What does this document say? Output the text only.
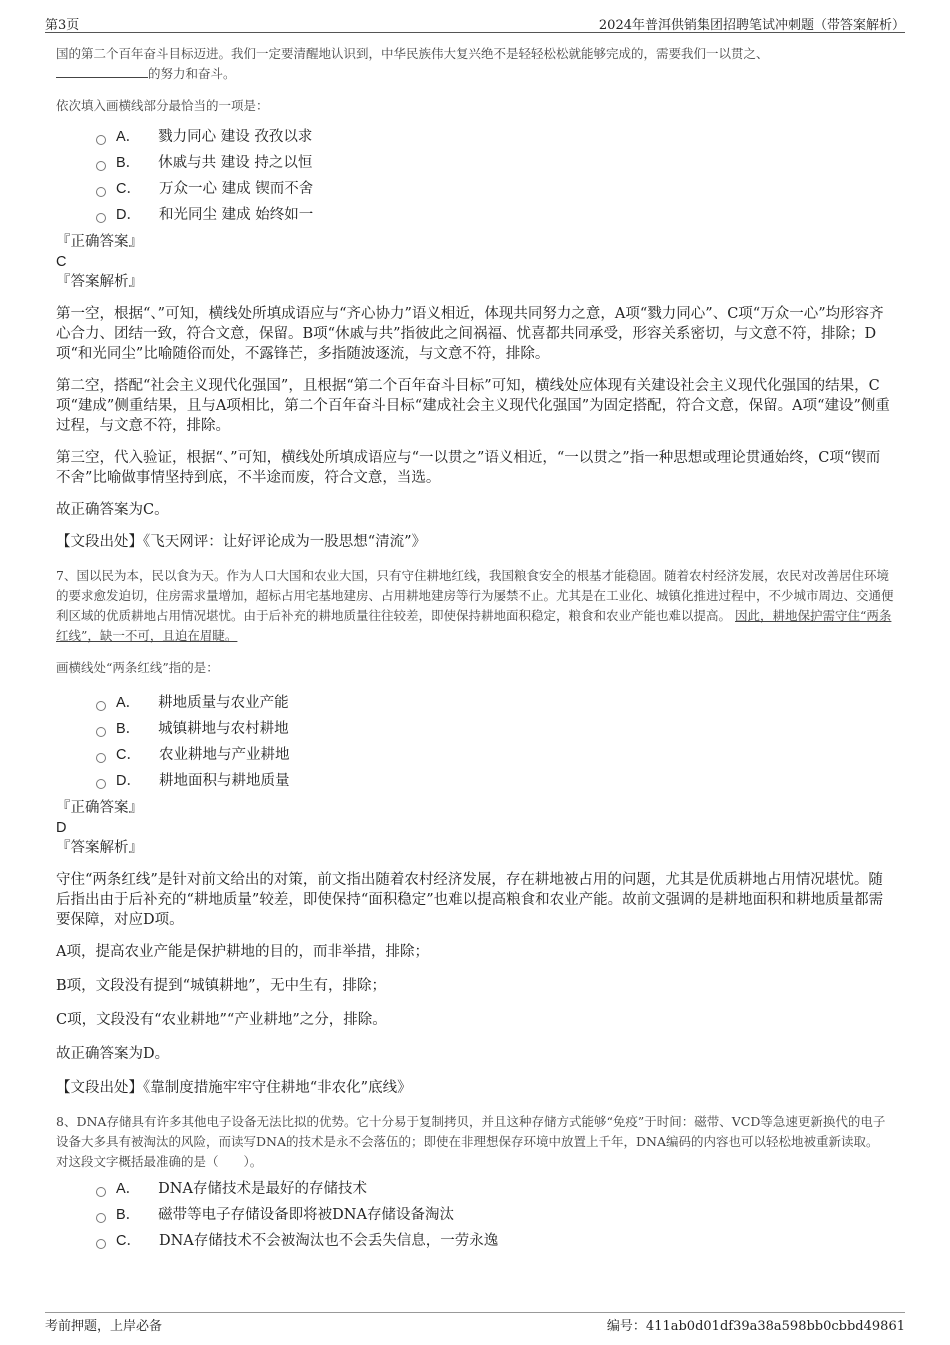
第3页	2024年普洱供销集团招聘笔试冲刺题（带答案解析）

国的第二个百年奋斗目标迈进。我们一定要清醒地认识到，中华民族伟大复兴绝不是轻轻松松就能够完成的，需要我们一以贯之、
的努力和奋斗。

依次填入画横线部分最恰当的一项是：

A． 戮力同心 建设 孜孜以求
B． 休戚与共 建设 持之以恒
C． 万众一心 建成 锲而不舍
D． 和光同尘 建成 始终如一

『正确答案』

C

『答案解析』

第一空，根据“、”可知，横线处所填成语应与“齐心协力”语义相近，体现共同努力之意，A项“戮力同心”、C项“万众一心”均形容齐心合力、团结一致，符合文意，保留。B项“休戚与共”指彼此之间祸福、忧喜都共同承受，形容关系密切，与文意不符，排除；D项“和光同尘”比喻随俗而处，不露锋芒，多指随波逐流，与文意不符，排除。

第二空，搭配“社会主义现代化强国”，且根据“第二个百年奋斗目标”可知，横线处应体现有关建设社会主义现代化强国的结果，C项“建成”侧重结果，且与A项相比，第二个百年奋斗目标“建成社会主义现代化强国”为固定搭配，符合文意，保留。A项“建设”侧重过程，与文意不符，排除。

第三空，代入验证，根据“、”可知，横线处所填成语应与“一以贯之”语义相近，“一以贯之”指一种思想或理论贯通始终，C项“锲而不舍”比喻做事情坚持到底，不半途而废，符合文意，当选。

故正确答案为C。

【文段出处】《飞天网评：让好评论成为一股思想“清流”》

7、国以民为本，民以食为天。作为人口大国和农业大国，只有守住耕地红线，我国粮食安全的根基才能稳固。随着农村经济发展，农民对改善居住环境的要求愈发迫切，住房需求量增加，超标占用宅基地建房、占用耕地建房等行为屡禁不止。尤其是在工业化、城镇化推进过程中，不少城市周边、交通便利区域的优质耕地占用情况堪忧。由于后补充的耕地质量往往较差，即使保持耕地面积稳定，粮食和农业产能也难以提高。 因此，耕地保护需守住“两条红线”，缺一不可，且迫在眉睫。

画横线处“两条红线”指的是：

A． 耕地质量与农业产能
B． 城镇耕地与农村耕地
C． 农业耕地与产业耕地
D． 耕地面积与耕地质量

『正确答案』

D

『答案解析』

守住“两条红线”是针对前文给出的对策，前文指出随着农村经济发展，存在耕地被占用的问题，尤其是优质耕地占用情况堪忧。随后指出由于后补充的“耕地质量”较差，即使保持“面积稳定”也难以提高粮食和农业产能。故前文强调的是耕地面积和耕地质量都需要保障，对应D项。

A项，提高农业产能是保护耕地的目的，而非举措，排除；

B项，文段没有提到“城镇耕地”，无中生有，排除；

C项，文段没有“农业耕地”“产业耕地”之分，排除。

故正确答案为D。

【文段出处】《靠制度措施牢牢守住耕地“非农化”底线》

8、DNA存储具有许多其他电子设备无法比拟的优势。它十分易于复制拷贝，并且这种存储方式能够“免疫”于时间：磁带、VCD等急速更新换代的电子设备大多具有被淘汰的风险，而读写DNA的技术是永不会落伍的；即使在非理想保存环境中放置上千年，DNA编码的内容也可以轻松地被重新读取。

对这段文字概括最准确的是（　　）。

A． DNA存储技术是最好的存储技术
B． 磁带等电子存储设备即将被DNA存储设备淘汰
C． DNA存储技术不会被淘汰也不会丢失信息，一劳永逸
考前押题，上岸必备	编号：411ab0d01df39a38a598bb0cbbd49861
